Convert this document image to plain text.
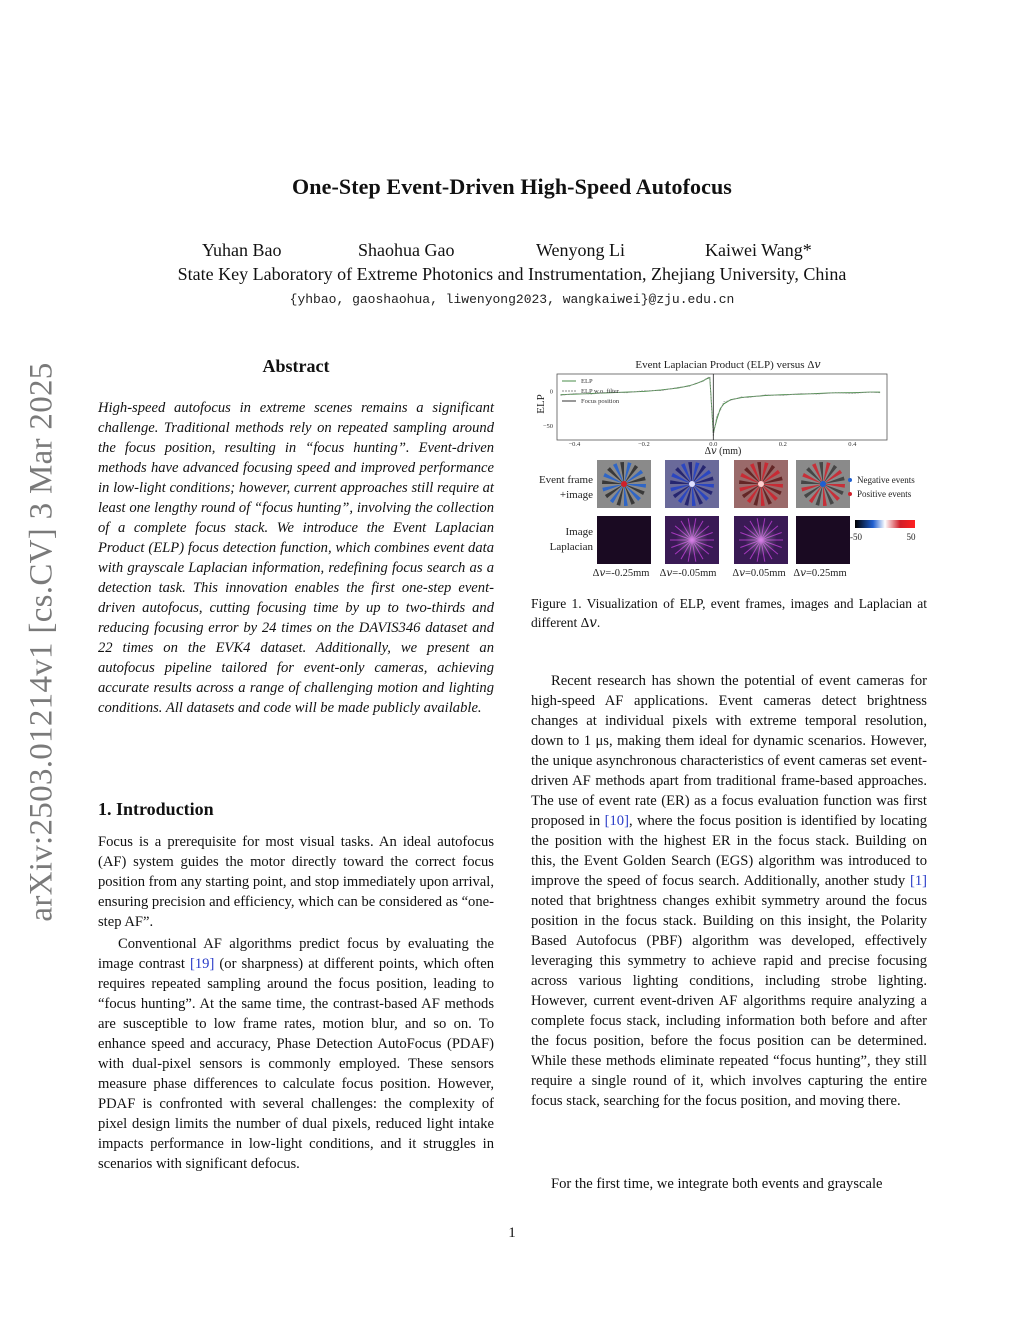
arXiv:2503.01214v1 [cs.CV] 3 Mar 2025
One-Step Event-Driven High-Speed Autofocus
Yuhan Bao	Shaohua Gao	Wenyong Li	Kaiwei Wang*
State Key Laboratory of Extreme Photonics and Instrumentation, Zhejiang University, China
{yhbao, gaoshaohua, liwenyong2023, wangkaiwei}@zju.edu.cn
Abstract
High-speed autofocus in extreme scenes remains a significant challenge. Traditional methods rely on repeated sampling around the focus position, resulting in “focus hunting”. Event-driven methods have advanced focusing speed and improved performance in low-light conditions; however, current approaches still require at least one lengthy round of “focus hunting”, involving the collection of a complete focus stack. We introduce the Event Laplacian Product (ELP) focus detection function, which combines event data with grayscale Laplacian information, redefining focus search as a detection task. This innovation enables the first one-step event-driven autofocus, cutting focusing time by up to two-thirds and reducing focusing error by 24 times on the DAVIS346 dataset and 22 times on the EVK4 dataset. Additionally, we present an autofocus pipeline tailored for event-only cameras, achieving accurate results across a range of challenging motion and lighting conditions. All datasets and code will be made publicly available.
1. Introduction
Focus is a prerequisite for most visual tasks. An ideal autofocus (AF) system guides the motor directly toward the correct focus position from any starting point, and stop immediately upon arrival, ensuring precision and efficiency, which can be considered as “one-step AF”.
Conventional AF algorithms predict focus by evaluating the image contrast [19] (or sharpness) at different points, which often requires repeated sampling around the focus position, leading to “focus hunting”. At the same time, the contrast-based AF methods are susceptible to low frame rates, motion blur, and so on. To enhance speed and accuracy, Phase Detection AutoFocus (PDAF) with dual-pixel sensors is commonly employed. These sensors measure phase differences to calculate focus position. However, PDAF is confronted with several challenges: the complexity of pixel design limits the number of dual pixels, reduced light intake impacts performance in low-light conditions, and it struggles in scenarios with significant defocus.
Event Laplacian Product (ELP) versus Δ𝑣
ELP
−0.4	−0.2	0.0	0.2	0.4
0
−50
ELP
ELP w.o. filter
Focus position
Δ𝑣 (mm)
Event frame
+image
Image
Laplacian
Negative events
Positive events
-50	50
Δ𝑣=-0.25mm Δ𝑣=-0.05mm Δ𝑣=0.05mm Δ𝑣=0.25mm
Figure 1. Visualization of ELP, event frames, images and Laplacian at different Δ𝑣.
Recent research has shown the potential of event cameras for high-speed AF applications. Event cameras detect brightness changes at individual pixels with extreme temporal resolution, down to 1 μs, making them ideal for dynamic scenarios. However, the unique asynchronous characteristics of event cameras set event-driven AF methods apart from traditional frame-based approaches. The use of event rate (ER) as a focus evaluation function was first proposed in [10], where the focus position is identified by locating the position with the highest ER in the focus stack. Building on this, the Event Golden Search (EGS) algorithm was introduced to improve the speed of focus search. Additionally, another study [1] noted that brightness changes exhibit symmetry around the focus position in the focus stack. Building on this insight, the Polarity Based Autofocus (PBF) algorithm was developed, effectively leveraging this symmetry to achieve rapid and precise focusing across various lighting conditions, including strobe lighting. However, current event-driven AF algorithms require analyzing a complete focus stack, including information both before and after the focus position, before the focus position can be determined. While these methods eliminate repeated “focus hunting”, they still require a single round of it, which involves capturing the entire focus stack, searching for the focus position, and moving there.
For the first time, we integrate both events and grayscale
1
